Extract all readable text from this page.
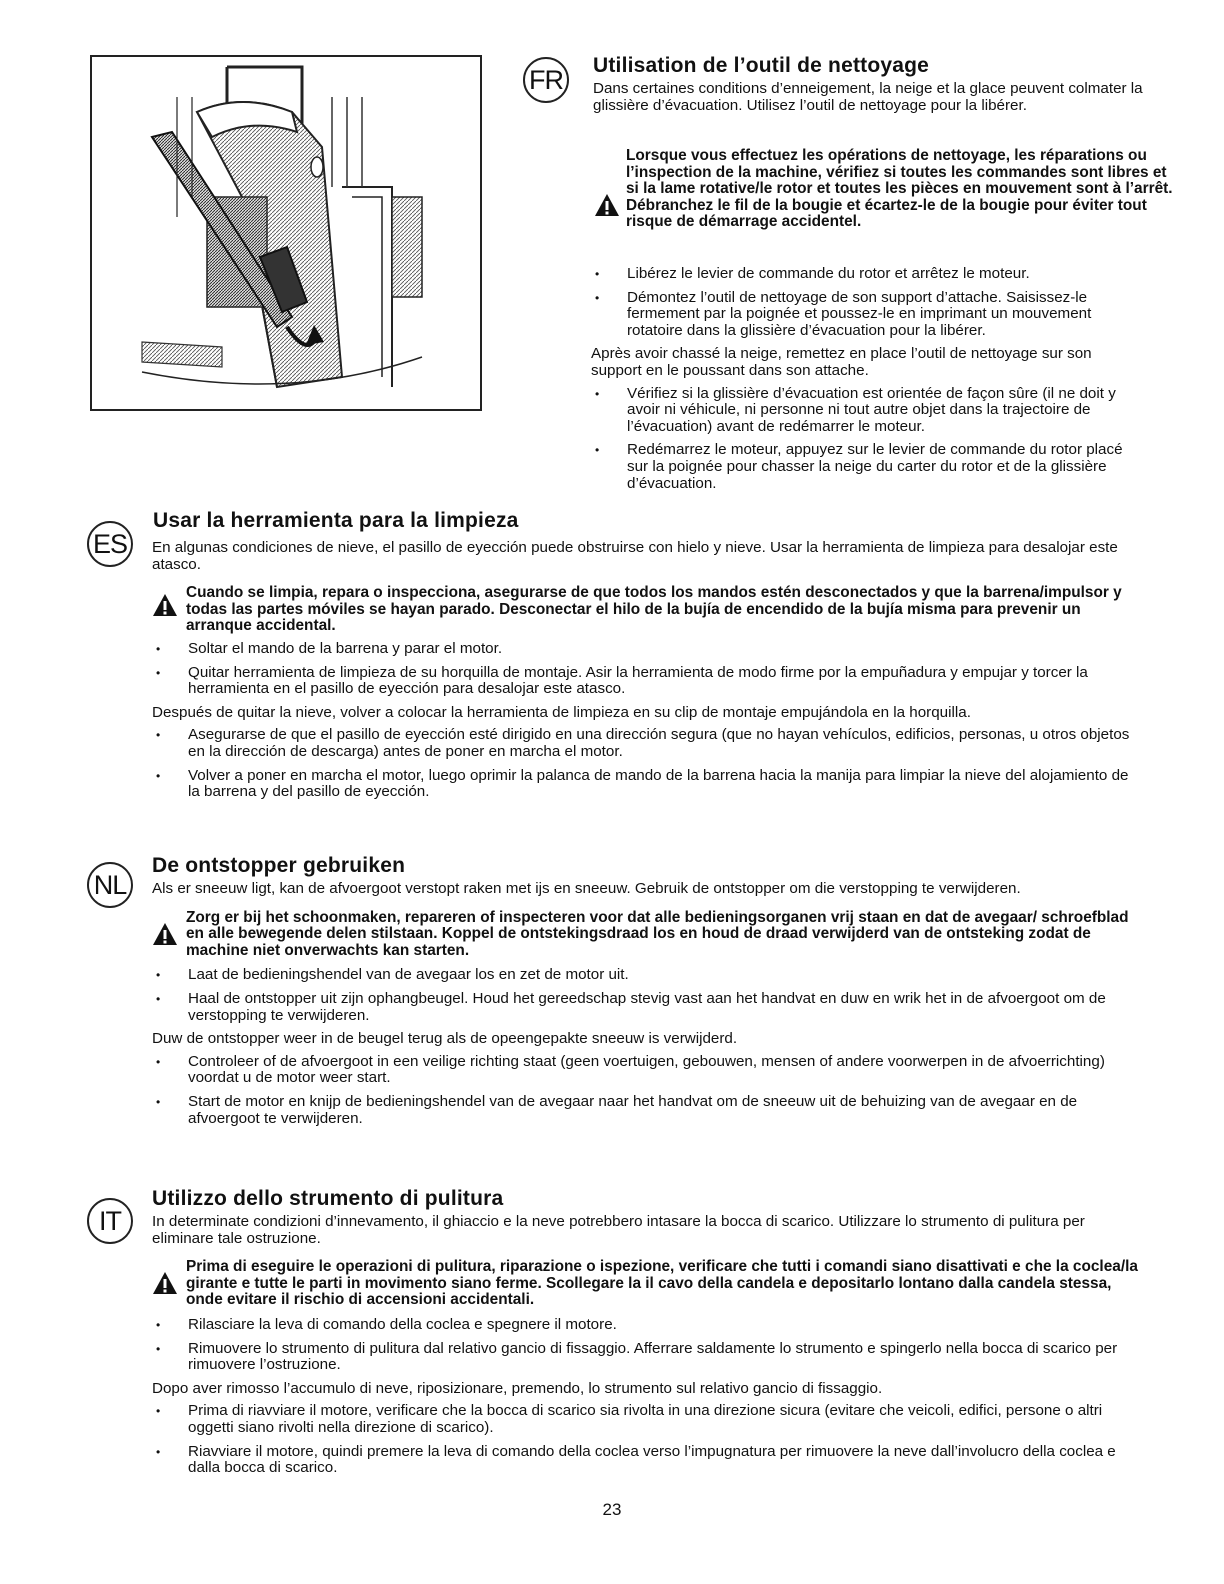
FR Utilisation de l’outil de nettoyage

Dans certaines conditions d’enneigement, la neige et la glace peuvent colmater la glissière d’évacuation. Utilisez l’outil de nettoyage pour la libérer.

Lorsque vous effectuez les opérations de nettoyage, les réparations ou l’inspection de la machine, vérifiez si toutes les commandes sont libres et si la lame rotative/le rotor et toutes les pièces en mouvement sont à l’arrêt. Débranchez le fil de la bougie et écartez-le de la bougie pour éviter tout risque de démarrage accidentel.
• Libérez le levier de commande du rotor et arrêtez le moteur.
• Démontez l’outil de nettoyage de son support d’attache. Saisissez-le fermement par la poignée et poussez-le en imprimant un mouvement rotatoire dans la glissière d’évacuation pour la libérer.

Après avoir chassé la neige, remettez en place l’outil de nettoyage sur son support en le poussant dans son attache.

• Vérifiez si la glissière d’évacuation est orientée de façon sûre (il ne doit y avoir ni véhicule, ni personne ni tout autre objet dans la trajectoire de l’évacuation) avant de redémarrer le moteur.
• Redémarrez le moteur, appuyez sur le levier de commande du rotor placé sur la poignée pour chasser la neige du carter du rotor et de la glissière d’évacuation.
ES
Usar la herramienta para la limpieza

En algunas condiciones de nieve, el pasillo de eyección puede obstruirse con hielo y nieve. Usar la herramienta de limpieza para desalojar este atasco.

Cuando se limpia, repara o inspecciona, asegurarse de que todos los mandos estén desconectados y que la barrena/impulsor y todas las partes móviles se hayan parado. Desconectar el hilo de la bujía de encendido de la bujía misma para prevenir un arranque accidental.
• Soltar el mando de la barrena y parar el motor.
• Quitar herramienta de limpieza de su horquilla de montaje. Asir la herramienta de modo firme por la empuñadura y empujar y torcer la herramienta en el pasillo de eyección para desalojar este atasco.

Después de quitar la nieve, volver a colocar la herramienta de limpieza en su clip de montaje empujándola en la horquilla.

• Asegurarse de que el pasillo de eyección esté dirigido en una dirección segura (que no hayan vehículos, edificios, personas, u otros objetos en la dirección de descarga) antes de poner en marcha el motor.
• Volver a poner en marcha el motor, luego oprimir la palanca de mando de la barrena hacia la manija para limpiar la nieve del alojamiento de la barrena y del pasillo de eyección.
NL
De ontstopper gebruiken

Als er sneeuw ligt, kan de afvoergoot verstopt raken met ijs en sneeuw. Gebruik de ontstopper om die verstopping te verwijderen.

Zorg er bij het schoonmaken, repareren of inspecteren voor dat alle bedieningsorganen vrij staan en dat de avegaar/ schroefblad en alle bewegende delen stilstaan. Koppel de ontstekingsdraad los en houd de draad verwijderd van de ontsteking zodat de machine niet onverwachts kan starten.
• Laat de bedieningshendel van de avegaar los en zet de motor uit.
• Haal de ontstopper uit zijn ophangbeugel. Houd het gereedschap stevig vast aan het handvat en duw en wrik het in de afvoergoot om de verstopping te verwijderen.

Duw de ontstopper weer in de beugel terug als de opeengepakte sneeuw is verwijderd.

• Controleer of de afvoergoot in een veilige richting staat (geen voertuigen, gebouwen, mensen of andere voorwerpen in de afvoerrichting) voordat u de motor weer start.
• Start de motor en knijp de bedieningshendel van de avegaar naar het handvat om de sneeuw uit de behuizing van de avegaar en de afvoergoot te verwijderen.
IT
Utilizzo dello strumento di pulitura

In determinate condizioni d’innevamento, il ghiaccio e la neve potrebbero intasare la bocca di scarico. Utilizzare lo strumento di pulitura per eliminare tale ostruzione.

Prima di eseguire le operazioni di pulitura, riparazione o ispezione, verificare che tutti i comandi siano disattivati e che la coclea/la girante e tutte le parti in movimento siano ferme. Scollegare la il cavo della candela e depositarlo lontano dalla candela stessa, onde evitare il rischio di accensioni accidentali.
• Rilasciare la leva di comando della coclea e spegnere il motore.
• Rimuovere lo strumento di pulitura dal relativo gancio di fissaggio. Afferrare saldamente lo strumento e spingerlo nella bocca di scarico per rimuovere l’ostruzione.

Dopo aver rimosso l’accumulo di neve, riposizionare, premendo, lo strumento sul relativo gancio di fissaggio.

• Prima di riavviare il motore, verificare che la bocca di scarico sia rivolta in una direzione sicura (evitare che veicoli, edifici, persone o altri oggetti siano rivolti nella direzione di scarico).
• Riavviare il motore, quindi premere la leva di comando della coclea verso l’impugnatura per rimuovere la neve dall’involucro della coclea e dalla bocca di scarico.
23
